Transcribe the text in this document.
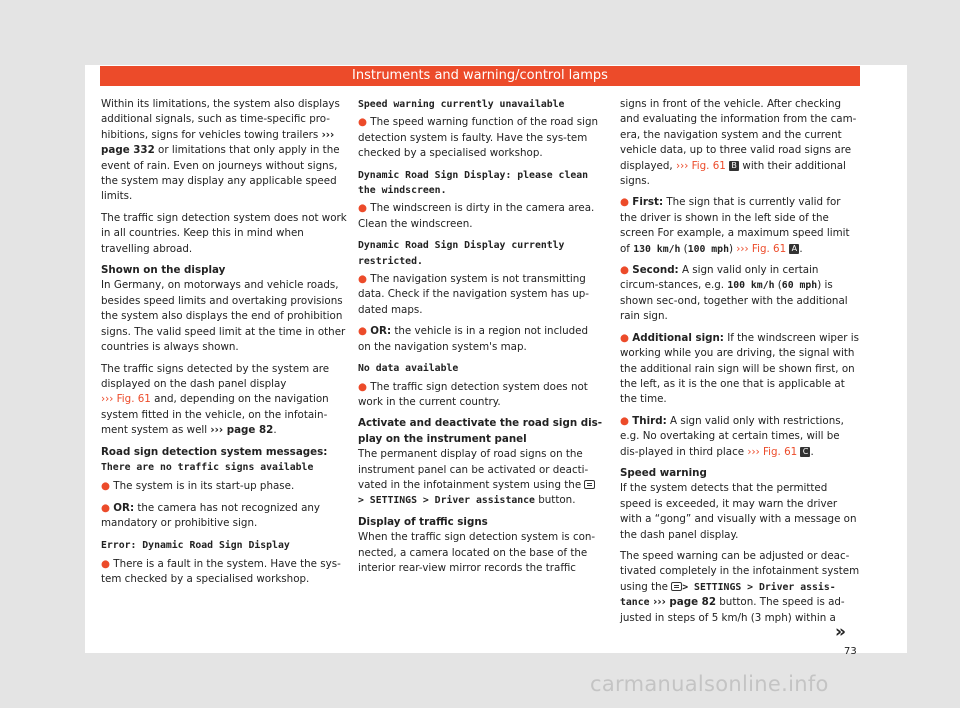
Instruments and warning/control lamps

Within its limitations, the system also displays additional signals, such as time-specific pro-hibitions, signs for vehicles towing trailers ››› page 332 or limitations that only apply in the event of rain. Even on journeys without signs, the system may display any applicable speed limits.

The traffic sign detection system does not work in all countries. Keep this in mind when travelling abroad.

Shown on the display

In Germany, on motorways and vehicle roads, besides speed limits and overtaking provisions the system also displays the end of prohibition signs. The valid speed limit at the time in other countries is always shown.

The traffic signs detected by the system are displayed on the dash panel display
››› Fig. 61 and, depending on the navigation system fitted in the vehicle, on the infotain-ment system as well ››› page 82.

Road sign detection system messages:

There are no traffic signs available

● The system is in its start-up phase.

● OR: the camera has not recognized any mandatory or prohibitive sign.

Error: Dynamic Road Sign Display

● There is a fault in the system. Have the sys-tem checked by a specialised workshop.

Speed warning currently unavailable

● The speed warning function of the road sign detection system is faulty. Have the sys-tem checked by a specialised workshop.

Dynamic Road Sign Display: please clean the windscreen.

● The windscreen is dirty in the camera area. Clean the windscreen.

Dynamic Road Sign Display currently restricted.

● The navigation system is not transmitting data. Check if the navigation system has up-dated maps.

● OR: the vehicle is in a region not included on the navigation system's map.

No data available

● The traffic sign detection system does not work in the current country.

Activate and deactivate the road sign dis-play on the instrument panel

The permanent display of road signs on the instrument panel can be activated or deacti-vated in the infotainment system using the  > SETTINGS > Driver assistance button.

Display of traffic signs

When the traffic sign detection system is con-nected, a camera located on the base of the interior rear-view mirror records the traffic

signs in front of the vehicle. After checking and evaluating the information from the cam-era, the navigation system and the current vehicle data, up to three valid road signs are displayed, ››› Fig. 61 B with their additional signs.

● First: The sign that is currently valid for the driver is shown in the left side of the screen For example, a maximum speed limit of 130 km/h (100 mph) ››› Fig. 61 A .

● Second: A sign valid only in certain circum-stances, e.g. 100 km/h (60 mph) is shown sec-ond, together with the additional rain sign.

● Additional sign: If the windscreen wiper is working while you are driving, the signal with the additional rain sign will be shown first, on the left, as it is the one that is applicable at the time.

● Third: A sign valid only with restrictions, e.g. No overtaking at certain times, will be dis-played in third place ››› Fig. 61 C .

Speed warning

If the system detects that the permitted speed is exceeded, it may warn the driver with a “gong” and visually with a message on the dash panel display.

The speed warning can be adjusted or deac-tivated completely in the infotainment system using the > SETTINGS > Driver assis-tance ››› page 82 button. The speed is ad-justed in steps of 5 km/h (3 mph) within a

»
73
carmanualsonline.info
